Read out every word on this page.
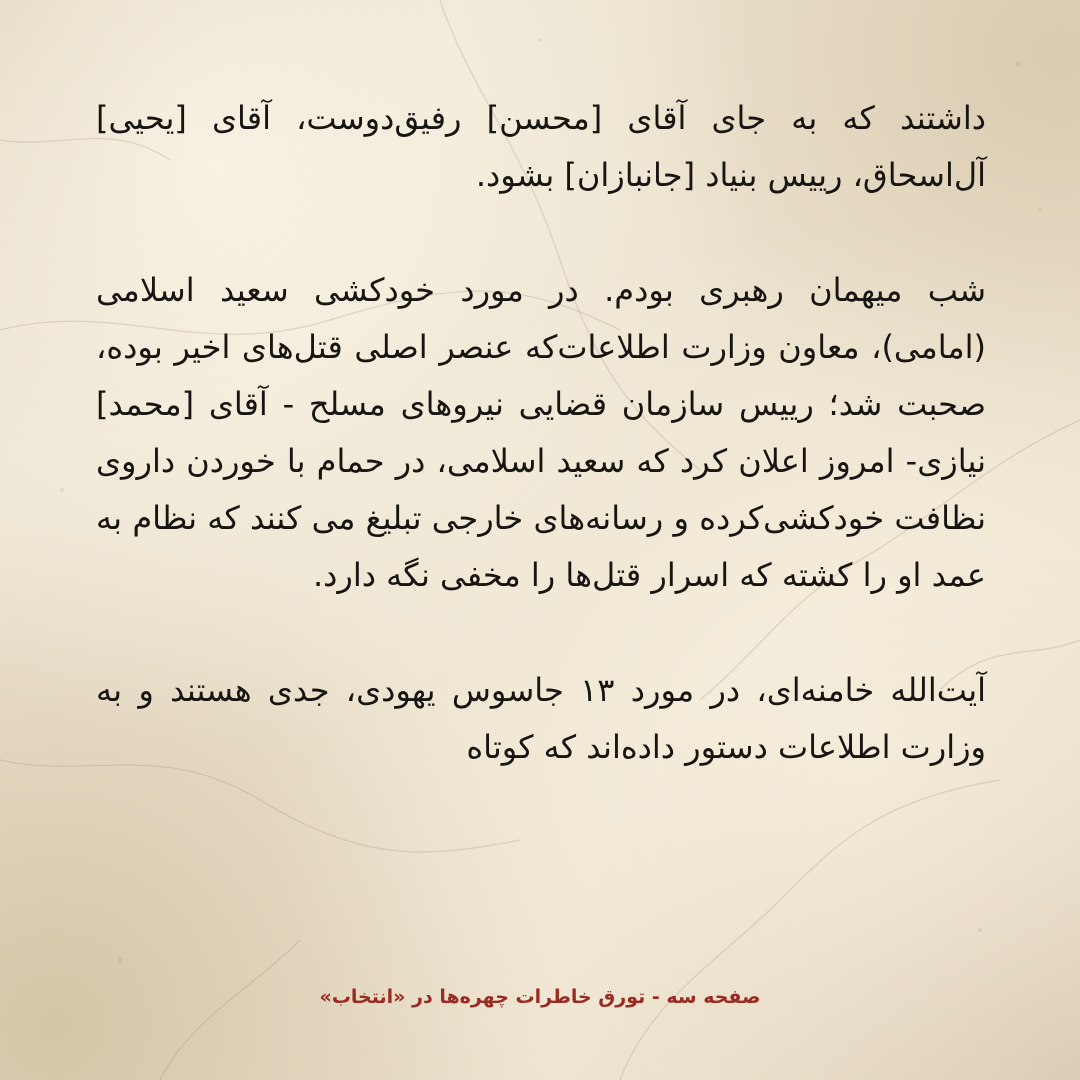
داشتند که به جای آقای [محسن] رفیق‌دوست، آقای [یحیی] آل‌اسحاق، رییس بنیاد [جانبازان] بشود.

شب میهمان رهبری بودم. در مورد خودکشی سعید اسلامی (امامی)، معاون وزارت اطلاعات‌که عنصر اصلی قتل‌های اخیر بوده، صحبت شد؛ رییس سازمان قضایی نیروهای مسلح - آقای [محمد] نیازی- امروز اعلان کرد که سعید اسلامی، در حمام با خوردن داروی نظافت خودکشی‌کرده و رسانه‌های خارجی تبلیغ می کنند که نظام به عمد او را کشته که اسرار قتل‌ها را مخفی نگه دارد.

آیت‌الله خامنه‌ای، در مورد ۱۳ جاسوس یهودی، جدی هستند و به وزارت اطلاعات دستور داده‌اند که کوتاه

صفحه سه - تورق خاطرات چهره‌ها در «انتخاب»
